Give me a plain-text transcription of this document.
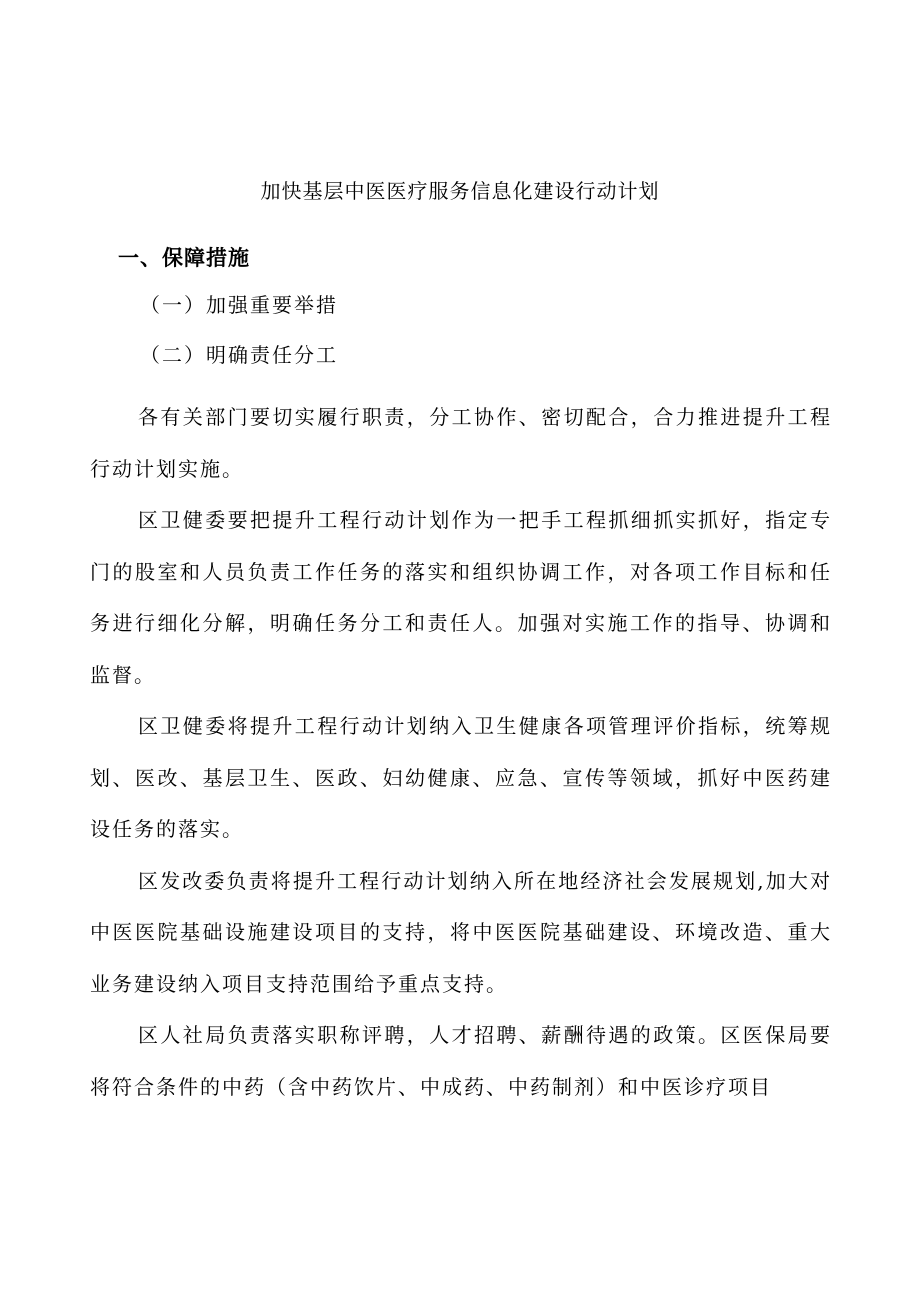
加快基层中医医疗服务信息化建设行动计划
一、保障措施
（一）加强重要举措
（二）明确责任分工

各有关部门要切实履行职责，分工协作、密切配合，合力推进提升工程行动计划实施。

区卫健委要把提升工程行动计划作为一把手工程抓细抓实抓好，指定专门的股室和人员负责工作任务的落实和组织协调工作，对各项工作目标和任务进行细化分解，明确任务分工和责任人。加强对实施工作的指导、协调和监督。

区卫健委将提升工程行动计划纳入卫生健康各项管理评价指标，统筹规划、医改、基层卫生、医政、妇幼健康、应急、宣传等领域，抓好中医药建设任务的落实。

区发改委负责将提升工程行动计划纳入所在地经济社会发展规划,加大对中医医院基础设施建设项目的支持，将中医医院基础建设、环境改造、重大业务建设纳入项目支持范围给予重点支持。

区人社局负责落实职称评聘，人才招聘、薪酬待遇的政策。区医保局要将符合条件的中药（含中药饮片、中成药、中药制剂）和中医诊疗项目
